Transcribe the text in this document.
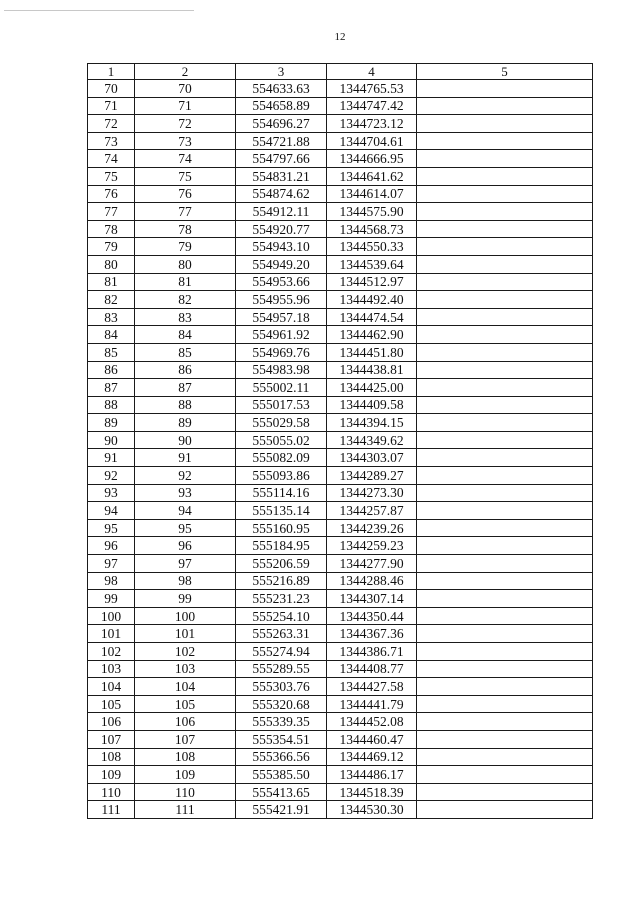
12
1	2	3	4	5
70	70	554633.63	1344765.53	
71	71	554658.89	1344747.42	
72	72	554696.27	1344723.12	
73	73	554721.88	1344704.61	
74	74	554797.66	1344666.95	
75	75	554831.21	1344641.62	
76	76	554874.62	1344614.07	
77	77	554912.11	1344575.90	
78	78	554920.77	1344568.73	
79	79	554943.10	1344550.33	
80	80	554949.20	1344539.64	
81	81	554953.66	1344512.97	
82	82	554955.96	1344492.40	
83	83	554957.18	1344474.54	
84	84	554961.92	1344462.90	
85	85	554969.76	1344451.80	
86	86	554983.98	1344438.81	
87	87	555002.11	1344425.00	
88	88	555017.53	1344409.58	
89	89	555029.58	1344394.15	
90	90	555055.02	1344349.62	
91	91	555082.09	1344303.07	
92	92	555093.86	1344289.27	
93	93	555114.16	1344273.30	
94	94	555135.14	1344257.87	
95	95	555160.95	1344239.26	
96	96	555184.95	1344259.23	
97	97	555206.59	1344277.90	
98	98	555216.89	1344288.46	
99	99	555231.23	1344307.14	
100	100	555254.10	1344350.44	
101	101	555263.31	1344367.36	
102	102	555274.94	1344386.71	
103	103	555289.55	1344408.77	
104	104	555303.76	1344427.58	
105	105	555320.68	1344441.79	
106	106	555339.35	1344452.08	
107	107	555354.51	1344460.47	
108	108	555366.56	1344469.12	
109	109	555385.50	1344486.17	
110	110	555413.65	1344518.39	
111	111	555421.91	1344530.30	
